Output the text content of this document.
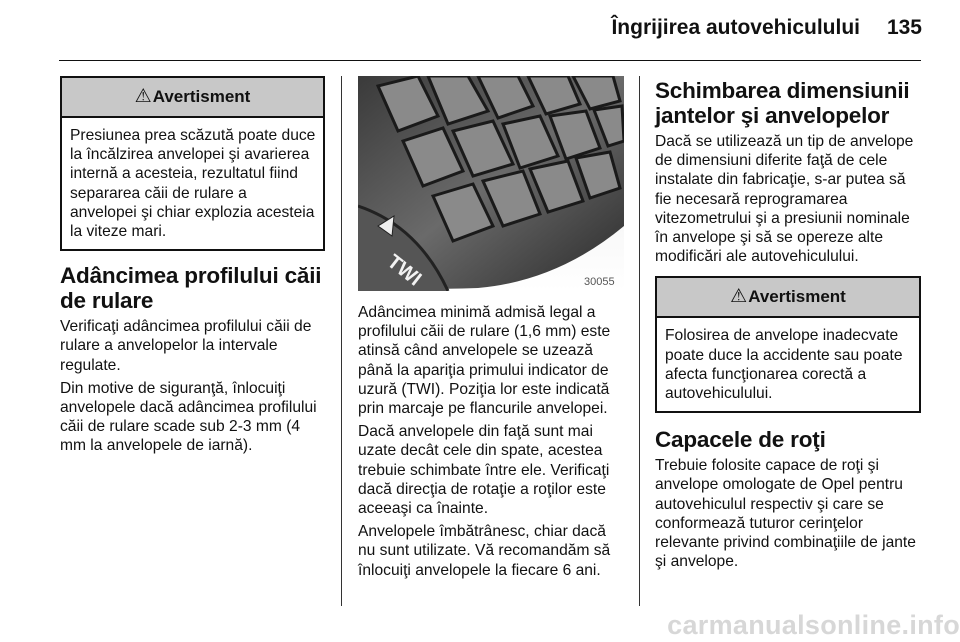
Îngrijirea autovehiculului	135
⚠Avertisment

Presiunea prea scăzută poate duce la încălzirea anvelopei şi avarierea internă a acesteia, rezultatul fiind separarea căii de rulare a anvelopei şi chiar explozia acesteia la viteze mari.

Adâncimea profilului căii de rulare

Verificaţi adâncimea profilului căii de rulare a anvelopelor la intervale regulate.

Din motive de siguranţă, înlocuiţi anvelopele dacă adâncimea profilului căii de rulare scade sub 2-3 mm (4 mm la anvelopele de iarnă).

TWI	30055

Adâncimea minimă admisă legal a profilului căii de rulare (1,6 mm) este atinsă când anvelopele se uzează până la apariţia primului indicator de uzură (TWI). Poziţia lor este indicată prin marcaje pe flancurile anvelopei.

Dacă anvelopele din faţă sunt mai uzate decât cele din spate, acestea trebuie schimbate între ele. Verificaţi dacă direcţia de rotaţie a roţilor este aceeaşi ca înainte.

Anvelopele îmbătrânesc, chiar dacă nu sunt utilizate. Vă recomandăm să înlocuiţi anvelopele la fiecare 6 ani.

Schimbarea dimensiunii jantelor şi anvelopelor

Dacă se utilizează un tip de anvelope de dimensiuni diferite faţă de cele instalate din fabricaţie, s-ar putea să fie necesară reprogramarea vitezometrului şi a presiunii nominale în anvelope şi să se opereze alte modificări ale autovehiculului.

⚠Avertisment

Folosirea de anvelope inadecvate poate duce la accidente sau poate afecta funcţionarea corectă a autovehiculului.

Capacele de roţi

Trebuie folosite capace de roţi şi anvelope omologate de Opel pentru autovehiculul respectiv şi care se conformează tuturor cerinţelor relevante privind combinaţiile de jante şi anvelope.

carmanualsonline.info
